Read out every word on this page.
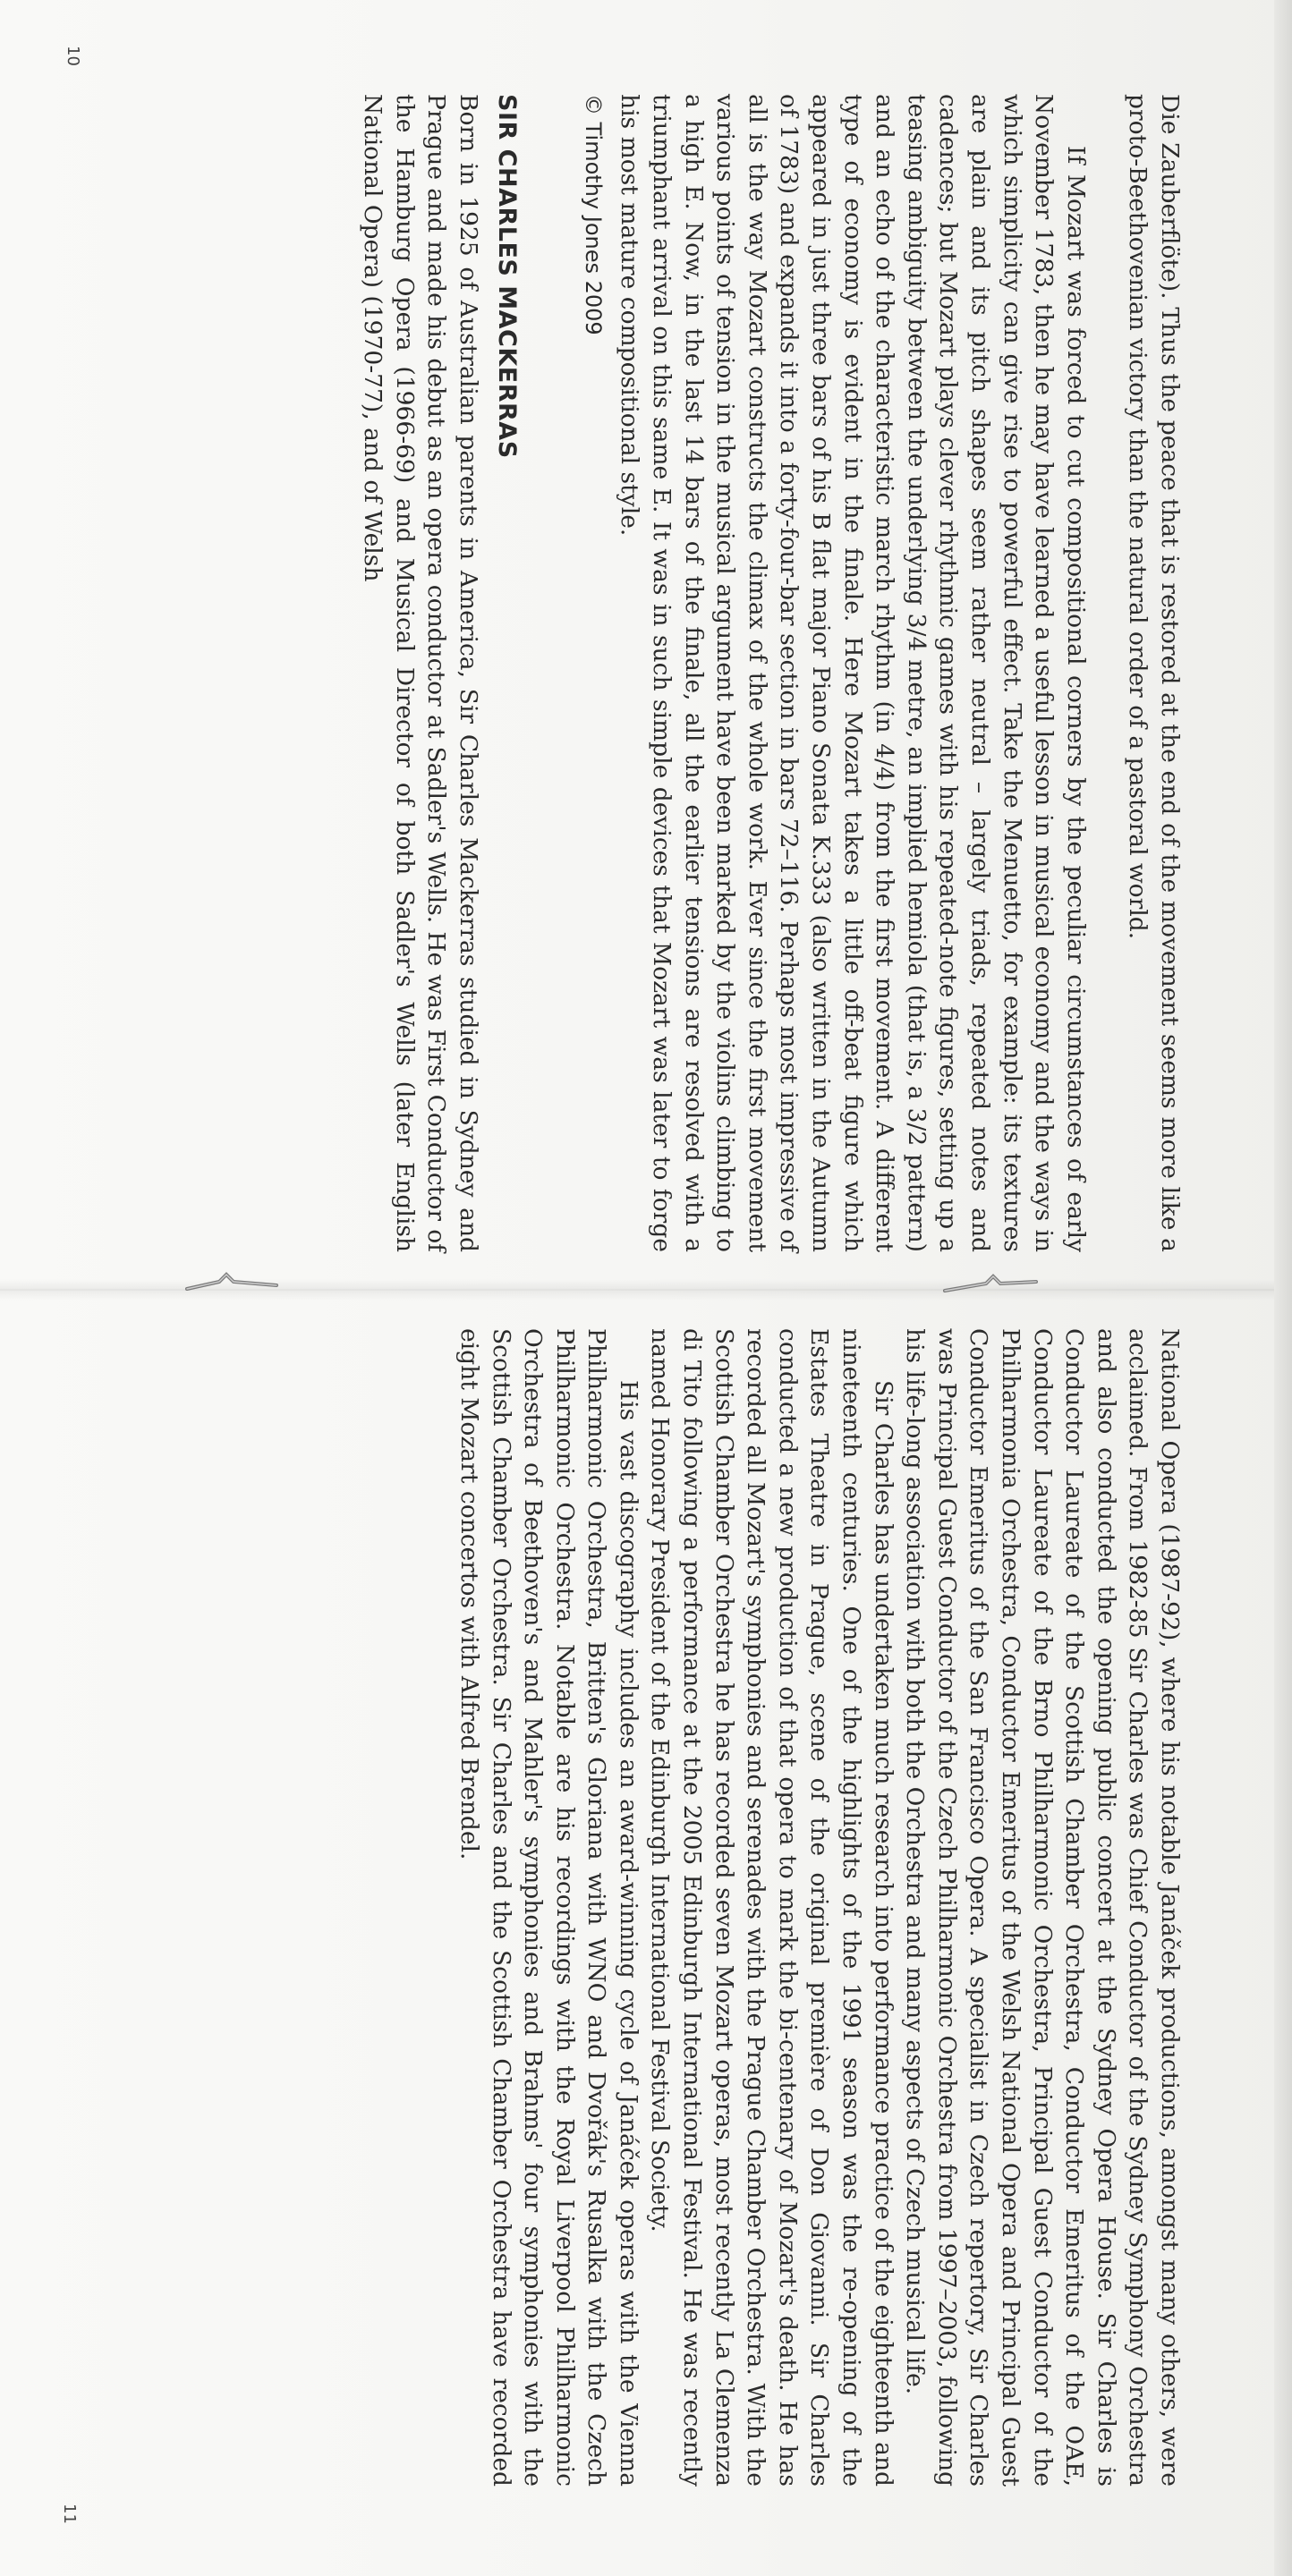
10
11

Die Zauberflöte). Thus the peace that is restored at the end of the movement seems more like a proto-Beethovenian victory than the natural order of a pastoral world.

If Mozart was forced to cut compositional corners by the peculiar circumstances of early November 1783, then he may have learned a useful lesson in musical economy and the ways in which simplicity can give rise to powerful effect. Take the Menuetto, for example: its textures are plain and its pitch shapes seem rather neutral – largely triads, repeated notes and cadences; but Mozart plays clever rhythmic games with his repeated-note figures, setting up a teasing ambiguity between the underlying 3/4 metre, an implied hemiola (that is, a 3/2 pattern) and an echo of the characteristic march rhythm (in 4/4) from the first movement. A different type of economy is evident in the finale. Here Mozart takes a little off-beat figure which appeared in just three bars of his B flat major Piano Sonata K.333 (also written in the Autumn of 1783) and expands it into a forty-four-bar section in bars 72–116. Perhaps most impressive of all is the way Mozart constructs the climax of the whole work. Ever since the first movement various points of tension in the musical argument have been marked by the violins climbing to a high E. Now, in the last 14 bars of the finale, all the earlier tensions are resolved with a triumphant arrival on this same E. It was in such simple devices that Mozart was later to forge his most mature compositional style.

© Timothy Jones 2009
SIR CHARLES MACKERRAS

Born in 1925 of Australian parents in America, Sir Charles Mackerras studied in Sydney and Prague and made his debut as an opera conductor at Sadler's Wells. He was First Conductor of the Hamburg Opera (1966-69) and Musical Director of both Sadler's Wells (later English National Opera) (1970-77), and of Welsh

National Opera (1987-92), where his notable Janáček productions, amongst many others, were acclaimed. From 1982-85 Sir Charles was Chief Conductor of the Sydney Symphony Orchestra and also conducted the opening public concert at the Sydney Opera House. Sir Charles is Conductor Laureate of the Scottish Chamber Orchestra, Conductor Emeritus of the OAE, Conductor Laureate of the Brno Philharmonic Orchestra, Principal Guest Conductor of the Philharmonia Orchestra, Conductor Emeritus of the Welsh National Opera and Principal Guest Conductor Emeritus of the San Francisco Opera. A specialist in Czech repertory, Sir Charles was Principal Guest Conductor of the Czech Philharmonic Orchestra from 1997–2003, following his life-long association with both the Orchestra and many aspects of Czech musical life.

Sir Charles has undertaken much research into performance practice of the eighteenth and nineteenth centuries. One of the highlights of the 1991 season was the re-opening of the Estates Theatre in Prague, scene of the original première of Don Giovanni. Sir Charles conducted a new production of that opera to mark the bi-centenary of Mozart's death. He has recorded all Mozart's symphonies and serenades with the Prague Chamber Orchestra. With the Scottish Chamber Orchestra he has recorded seven Mozart operas, most recently La Clemenza di Tito following a performance at the 2005 Edinburgh International Festival. He was recently named Honorary President of the Edinburgh International Festival Society.

His vast discography includes an award-winning cycle of Janáček operas with the Vienna Philharmonic Orchestra, Britten's Gloriana with WNO and Dvořák's Rusalka with the Czech Philharmonic Orchestra. Notable are his recordings with the Royal Liverpool Philharmonic Orchestra of Beethoven's and Mahler's symphonies and Brahms' four symphonies with the Scottish Chamber Orchestra. Sir Charles and the Scottish Chamber Orchestra have recorded eight Mozart concertos with Alfred Brendel.
